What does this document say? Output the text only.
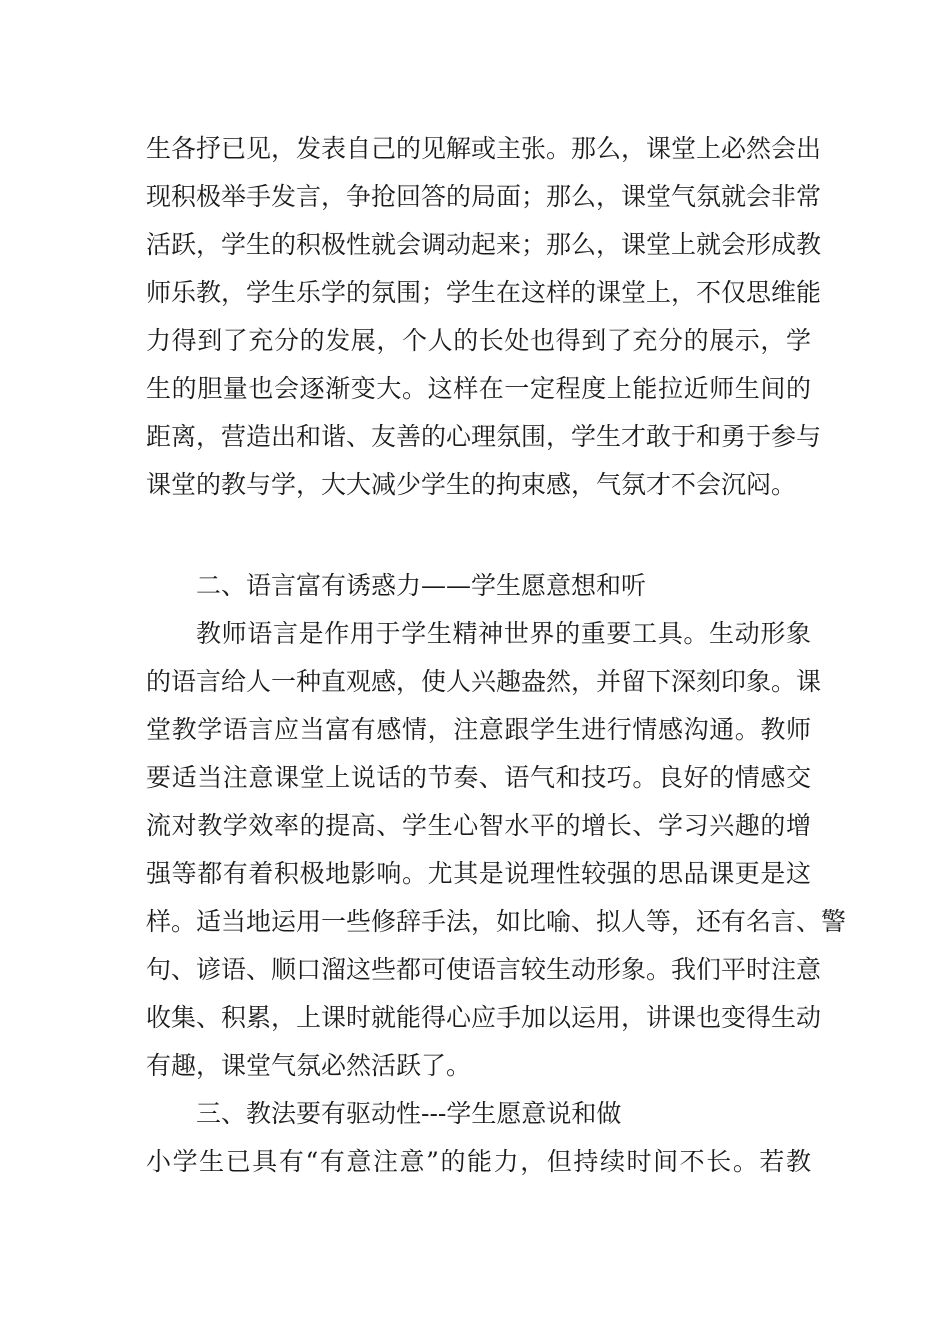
生各抒已见，发表自己的见解或主张。那么，课堂上必然会出
现积极举手发言，争抢回答的局面；那么，课堂气氛就会非常
活跃，学生的积极性就会调动起来；那么，课堂上就会形成教
师乐教，学生乐学的氛围；学生在这样的课堂上，不仅思维能
力得到了充分的发展，个人的长处也得到了充分的展示，学
生的胆量也会逐渐变大。这样在一定程度上能拉近师生间的
距离，营造出和谐、友善的心理氛围，学生才敢于和勇于参与
课堂的教与学，大大减少学生的拘束感，气氛才不会沉闷。
二、语言富有诱惑力——学生愿意想和听
教师语言是作用于学生精神世界的重要工具。生动形象
的语言给人一种直观感，使人兴趣盎然，并留下深刻印象。课
堂教学语言应当富有感情，注意跟学生进行情感沟通。教师
要适当注意课堂上说话的节奏、语气和技巧。良好的情感交
流对教学效率的提高、学生心智水平的增长、学习兴趣的增
强等都有着积极地影响。尤其是说理性较强的思品课更是这
样。适当地运用一些修辞手法，如比喻、拟人等，还有名言、警
句、谚语、顺口溜这些都可使语言较生动形象。我们平时注意
收集、积累，上课时就能得心应手加以运用，讲课也变得生动
有趣，课堂气氛必然活跃了。
三、教法要有驱动性---学生愿意说和做
小学生已具有“有意注意”的能力，但持续时间不长。若教
